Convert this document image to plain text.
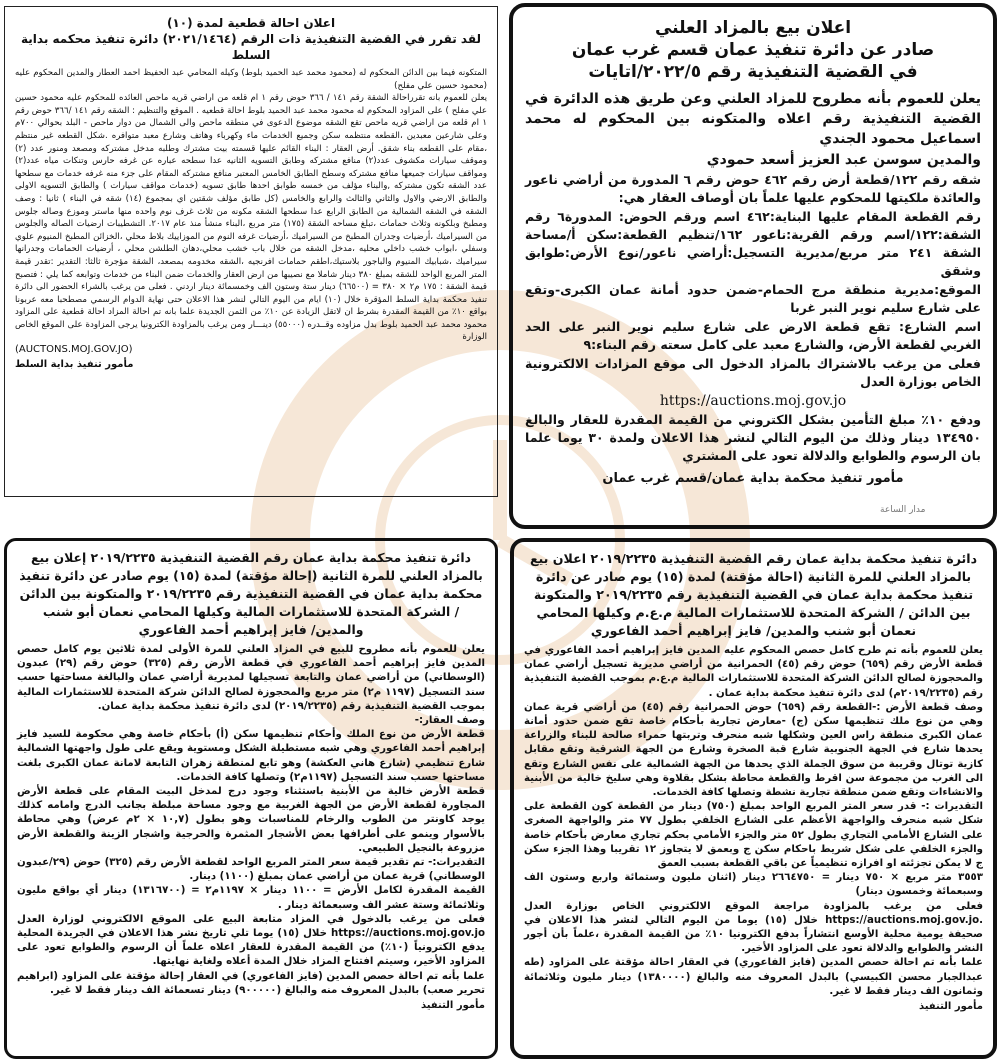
اعلان بيع بالمزاد العلني

صادر عن دائرة تنفيذ عمان قسم غرب عمان

في القضية التنفيذية رقم ٢٠٢٢/٥/اتايات

يعلن للعموم بأنه مطروح للمزاد العلني وعن طريق هذه الدائرة في القضية التنفيذية رقم اعلاه والمتكونه بين المحكوم له محمد اسماعيل محمود الجندي

والمدين سوسن عبد العزيز أسعد حمودي

شقه رقم ١٢٢/قطعة أرض رقم ٤٦٢ حوض رقم ٦ المدورة من أراضي ناعور والعائدة ملكيتها للمحكوم عليها علماً بان أوصاف العقار هي:

رقم القطعة المقام عليها البناية:٤٦٢ اسم ورقم الحوض: المدورة٦ رقم الشقة:١٢٢/اسم ورقم القرية:ناعور ١٦٢/تنظيم القطعة:سكن أ/مساحة الشقة ٢٤١ متر مربع/مديرية التسجيل:أراضي ناعور/نوع الأرض:طوابق وشقق

الموقع:مديرية منطقة مرج الحمام-ضمن حدود أمانة عمان الكبرى-وتقع على شارع سليم نوير النبر غربا

اسم الشارع: تقع قطعة الارض على شارع سليم نوير النبر على الحد الغربي لقطعة الأرض، والشارع معبد على كامل سعته رقم البناء:٩

فعلى من يرغب بالاشتراك بالمزاد الدخول الى موقع المزادات الالكترونية الخاص بوزارة العدل

https://auctions.moj.gov.jo

ودفع ١٠٪ مبلغ التأمين بشكل الكتروني من القيمة المقدرة للعقار والبالغ ١٣٤٩٥٠ دينار وذلك من اليوم التالي لنشر هذا الاعلان ولمدة ٣٠ يوما علما بان الرسوم والطوابع والدلالة تعود على المشتري

مأمور تنفيذ محكمة بداية عمان/قسم غرب عمان

اعلان احالة قطعية لمدة (١٠)

لقد تقرر في القضية التنفيذية ذات الرقم (٢٠٢١/١٤٦٤) دائرة تنفيذ محكمه بداية السلط

المتكونه فيما بين الدائن المحكوم له (محمود محمد عبد الحميد بلوط) وكيله المحامي عبد الحفيظ احمد العطار والمدين المحكوم عليه (محمود حسين علي مفلح)

يعلن للعموم بانه تقرراحالة الشقة رقم ١٤١ / ٣٦٦ حوض رقم ١ ام قلعه من اراضي قريه ماحص العائده للمحكوم عليه محمود حسين علي مفلح ) على المزاود المحكوم له محمود محمد عبد الحميد بلوط احالة قطعيه . الموقع والتنظيم : الشقه رقم ١٤١ /٣٦٦ حوض رقم ١ ام قلعه من اراضي قريه ماحص تقع الشقه موضوع الدعوى في منطقه ماحص والى الشمال من دوار ماحص - البلد بحوالي ٧٠٠م وعلى شارعين معبدين ،القطعه منتظمه سكن وجميع الخدمات ماء وكهرباء وهاتف وشارع معبد متوافره .شكل القطعه غير منتظم ،مقام على القطعه بناء شقق. أرض العقار : البناء القائم عليها قسمته بيت مشترك وطلبه مدخل مشتركه ومصعد ومنور عدد (٢) وموقف سيارات مكشوف عدد(٢) منافع مشتركه وطابق التسويه الثانيه عدا سطحه عباره عن غرفه حارس وتنكات مياه عدد(٢) ومواقف سيارات جميعها منافع مشتركه وسطح الطابق الخامس المعتبر منافع مشتركه المقام على جزء منه غرفه خدمات مع سطحها عدد الشقه تكون مشتركه ,والبناء مؤلف من خمسه طوابق احدها طابق تسويه (خدمات مواقف سيارات ) والطابق التسويه الاولى والطابق الارضي والاول والثاني والثالث والرابع والخامس (كل طابق مؤلف شقتين اي بمجموع (١٤) شقه في البناء ) ثانيا : وصف الشقه في الشقه الشمالية من الطابق الرابع عدا سطحها الشقه مكونه من ثلاث غرف نوم واحده منها ماستر وموزع وصاله جلوس ومطبخ وبلكونه وثلاث حمامات ،تبلغ مساحه الشقة (١٧٥) متر مربع ،البناء منشأ منذ عام ٢٠١٧. التشطيبات ارضيات الصاله والجلوس من السيراميك ،أرضيات وجدران المطبخ من السيراميك ،أرضيات غرفه النوم من الموزاييك بلاط محلي ،الخزائن المطبخ المنيوم علوي وسفلي ،ابواب خشب داخلي محليه ،مدخل الشقه من خلال باب خشب محلي،دهان الطلشن محلي ، أرضيات الحمامات وجدرانها سيراميك ،شبابيك المنيوم والباجور بلاستيك،اطقم حمامات افرنجيه ،الشقه مخدومه بمصعد، الشقة مؤجرة ثالثا: التقدير :تقدر قيمة المتر المربع الواحد للشقه بمبلغ ٣٨٠ دينار شاملا مع نصيبها من ارض العقار والخدمات ضمن البناء من خدمات وتوابعه كما يلي : فتصبح قيمة الشقة : ١٧٥ م٢ × ٣٨٠ = (٦٦٥٠٠) دينار ستة وستون الف وخمسمائة دينار اردني . فعلى من يرغب بالشراء الحضور الى دائرة تنفيذ محكمة بداية السلط المؤقرة خلال (١٠) ايام من اليوم التالي لنشر هذا الاعلان حتى نهاية الدوام الرسمي مصطحبا معه عربونا بواقع ١٠٪ من القيمة المقدرة بشرط ان لاتقل الزيادة عن ١٠٪ من الثمن الجديدة علما بانه تم احالة المزاد احالة قطعية على المزاود محمود محمد عبد الحميد بلوط بدل مزاوده وقــدره (٥٥٠٠٠) دينـــار ومن يرغب بالمزاودة الكترونيا يرجى المزاودة على الموقع الخاص الوزارة

(AUCTONS.MOJ.GOV.JO)

مأمور تنفيذ بداية السلط

دائرة تنفيذ محكمة بداية عمان رقم القضية التنفيذية ٢٠١٩/٢٢٣٥ اعلان بيع بالمزاد العلني للمرة الثانية (احالة مؤقتة) لمدة (١٥) يوم صادر عن دائرة تنفيذ محكمة بداية عمان في القضية التنفيذية رقم ٢٠١٩/٢٢٣٥ والمتكونة بين الدائن / الشركة المتحدة للاستثمارات المالية م.ع.م وكيلها المحامي نعمان أبو شنب والمدين/ فايز إبراهيم أحمد الفاعوري

يعلن للعموم بأنه تم طرح كامل حصص المحكوم عليه المدين فايز إبراهيم أحمد الفاعوري في قطعة الأرض رقم (٦٥٩) حوض رقم (٤٥) الحمرانية من أراضي مديرية تسجيل أراضي عمان والمحجوزة لصالح الدائن الشركة المتحدة للاستثمارات المالية م.ع.م بموجب القضية التنفيذية رقم (٢٠١٩/٢٢٣٥م) لدى دائرة تنفيذ محكمة بداية عمان .

وصف قطعة الأرض :-القطعة رقم (٦٥٩) حوض الحمرانية رقم (٤٥) من أراضي قرية عمان وهي من نوع ملك تنظيمها سكن (ج) -معارض تجارية بأحكام خاصة تقع ضمن حدود أمانة عمان الكبرى منطقة راس العين وشكلها شبه منحرف وتربتها حمراء صالحة للبناء والزراعة يحدها شارع في الجهة الجنوبية شارع قبة الصخرة وشارع من الجهة الشرقية وتقع مقابل كازية توتال وقريبة من سوق الجملة الذي يحدها من الجهة الشمالية على نفس الشارع وتقع الى الغرب من مجموعة سن اقرط والقطعة محاطة بشكل بقلاوة وهي سليخ خالية من الأبنية والانشاءات وتقع ضمن منطقة تجارية نشطة وتصلها كافة الخدمات.

التقديرات :- قدر سعر المتر المربع الواحد بمبلغ (٧٥٠) دينار من القطعة كون القطعة على شكل شبه منحرف والواجهة الأعظم على الشارع الخلفي بطول ٧٧ متر والواجهة الصغرى على الشارع الأمامي التجاري بطول ٥٢ متر والجزء الأمامي بحكم تجاري معارض بأحكام خاصة والجزء الخلفي على شكل شريط باحكام سكن ج وبعمق لا يتجاوز ١٢ تقريبا وهذا الجزء سكن ج لا يمكن تجزئته او افرازه تنظيمياً عن باقي القطعة بسبب العمق

٣٥٥٣ متر مربع × ٧٥٠ دينار = ٢٦٦٤٧٥٠ دينار (اثنان مليون وستمائة واربع وستون الف وسبعمائة وخمسون دينار)

فعلى من يرغب بالمزاودة مراجعة الموقع الالكتروني الخاص بوزارة العدل .https://auctions.moj.gov.jo خلال (١٥) يوما من اليوم التالي لنشر هذا الاعلان في صحيفة يومية محلية الأوسع انتشاراً بدفع الكترونيا ١٠٪ من القيمة المقدرة ،علماً بأن أجور النشر والطوابع والدلالة تعود على المزاود الأخير.

علما بأنه تم احالة حصص المدين (فايز الفاعوري) في العقار احالة مؤقتة على المزاود (طه عبدالجبار محسن الكبيسي) بالبدل المعروف منه والبالغ (١٣٨٠٠٠٠) دينار مليون وثلاثمائة وثمانون الف دينار فقط لا غير.

مأمور التنفيذ

دائرة تنفيذ محكمة بداية عمان رقم القضية التنفيذية ٢٠١٩/٢٢٣٥ إعلان بيع بالمزاد العلني للمرة الثانية (إحالة مؤقتة) لمدة (١٥) يوم صادر عن دائرة تنفيذ محكمة بداية عمان في القضية التنفيذية رقم ٢٠١٩/٢٢٣٥ والمتكونة بين الدائن / الشركة المتحدة للاستثمارات المالية وكيلها المحامي نعمان أبو شنب والمدين/ فايز إبراهيم أحمد الفاعوري

يعلن للعموم بأنه مطروح للبيع في المزاد العلني للمرة الأولى لمدة ثلاثين يوم كامل حصص المدين فايز إبراهيم أحمد الفاعوري في قطعة الأرض رقم (٣٢٥) حوض رقم (٢٩) عبدون (الوسطاني) من أراضي عمان والتابعة تسجيلها لمديرية أراضي عمان والبالغة مساحتها حسب سند التسجيل (١١٩٧ م٢) متر مربع والمحجوزة لصالح الدائن شركة المتحدة للاستثمارات المالية بموجب القضية التنفيذية رقم (٢٠١٩/٢٢٣٥) لدى دائرة تنفيذ محكمة بداية عمان.

وصف العقار:-

قطعة الأرض من نوع الملك وأحكام تنظيمها سكن (أ) بأحكام خاصة وهي محكومة للسيد فايز إبراهيم أحمد الفاعوري وهي شبه مستطيلة الشكل ومستوية ويقع على طول واجهتها الشمالية شارع تنظيمي (شارع هاني العكشة) وهو تابع لمنطقة زهران التابعة لامانة عمان الكبرى بلغت مساحتها حسب سند التسجيل (١١٩٧م٢) وتصلها كافة الخدمات.

قطعة الأرض خالية من الأبنية باستثناء وجود درج لمدخل البيت المقام على قطعة الأرض المجاورة لقطعة الأرض من الجهة الغربية مع وجود مساحة مبلطة بجانب الدرج وامامه كذلك يوجد كاونتر من الطوب والرخام للمناسبات وهو بطول (١٠,٧ × ٢م عرض) وهي محاطة بالأسوار وينمو على أطرافها بعض الأشجار المثمرة والحرجية واشجار الزينة والقطعة الأرض مزروعة بالنجيل الطبيعي.

التقديرات:- تم تقدير قيمة سعر المتر المربع الواحد لقطعة الأرض رقم (٣٢٥) حوض (٢٩/عبدون الوسطاني) قرية عمان من أراضي عمان بمبلغ (١١٠٠) دينار.

القيمة المقدرة لكامل الأرض = ١١٠٠ دينار × ١١٩٧م٢ = (١٣١٦٧٠٠) دينار أي بواقع مليون وثلاثمائة وستة عشر الف وسبعمائة دينار .

فعلى من يرغب بالدخول في المزاد متابعة البيع على الموقع الالكتروني لوزارة العدل https://auctions.moj.gov.jo خلال (١٥) يوما تلي تاريخ نشر هذا الاعلان في الجريدة المحلية يدفع الكترونياً (١٠٪) من القيمة المقدرة للعقار اعلاه علماً أن الرسوم والطوابع تعود على المزاود الأخير، وسيتم افتتاح المزاد خلال المدة أعلاه ولغاية نهايتها.

علما بأنه تم احالة حصص المدين (فايز الفاعوري) في العقار إحالة مؤقتة على المزاود (ابراهيم تحرير صعب) بالبدل المعروف منه والبالغ (٩٠٠٠٠٠) دينار تسعمائة الف دينار فقط لا غير.

مأمور التنفيذ

مدار الساعة
